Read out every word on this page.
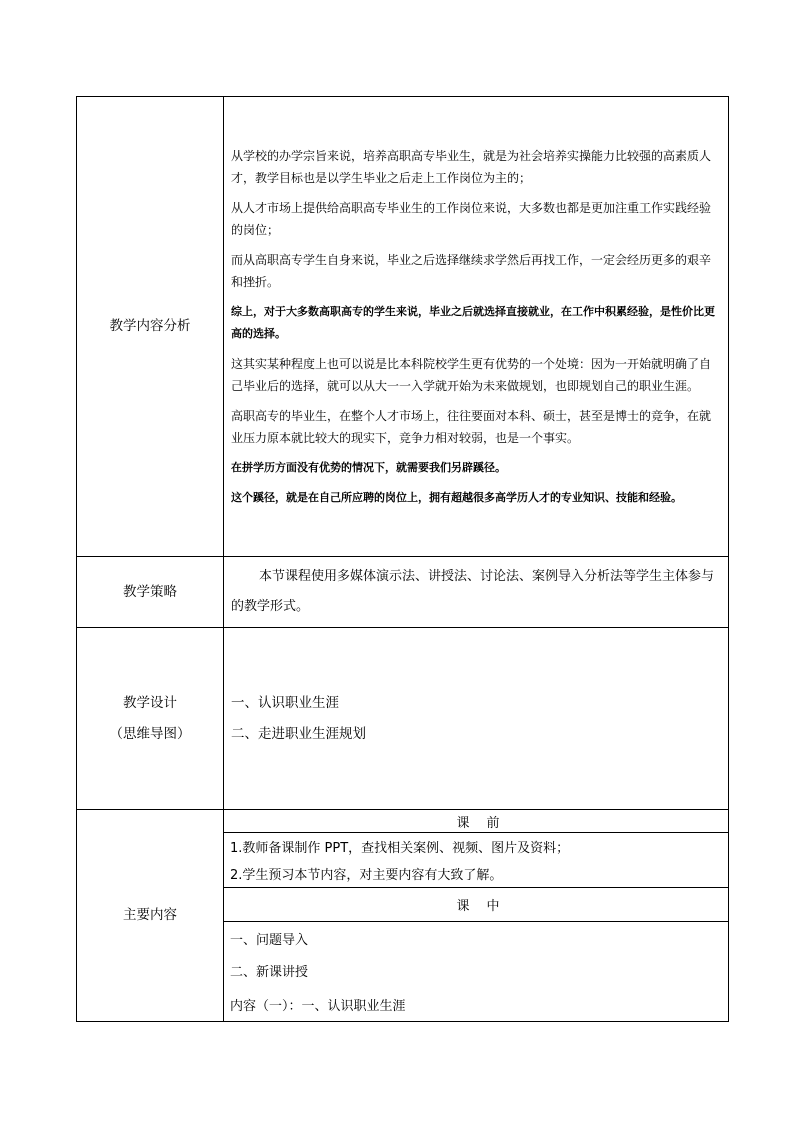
教学内容分析	

从学校的办学宗旨来说，培养高职高专毕业生，就是为社会培养实操能力比较强的高素质人才，教学目标也是以学生毕业之后走上工作岗位为主的；

从人才市场上提供给高职高专毕业生的工作岗位来说，大多数也都是更加注重工作实践经验的岗位；

而从高职高专学生自身来说，毕业之后选择继续求学然后再找工作，一定会经历更多的艰辛和挫折。

综上，对于大多数高职高专的学生来说，毕业之后就选择直接就业，在工作中积累经验，是性价比更高的选择。

这其实某种程度上也可以说是比本科院校学生更有优势的一个处境：因为一开始就明确了自己毕业后的选择，就可以从大一一入学就开始为未来做规划，也即规划自己的职业生涯。

高职高专的毕业生，在整个人才市场上，往往要面对本科、硕士，甚至是博士的竞争，在就业压力原本就比较大的现实下，竞争力相对较弱，也是一个事实。

在拼学历方面没有优势的情况下，就需要我们另辟蹊径。

这个蹊径，就是在自己所应聘的岗位上，拥有超越很多高学历人才的专业知识、技能和经验。

教学策略	

本节课程使用多媒体演示法、讲授法、讨论法、案例导入分析法等学生主体参与的教学形式。

教学设计
（思维导图）

一、认识职业生涯

二、走进职业生涯规划

主要内容	
课　前
1.教师备课制作 PPT，查找相关案例、视频、图片及资料；
2.学生预习本节内容，对主要内容有大致了解。
课　中
一、问题导入
二、新课讲授
内容（一）：一、认识职业生涯
